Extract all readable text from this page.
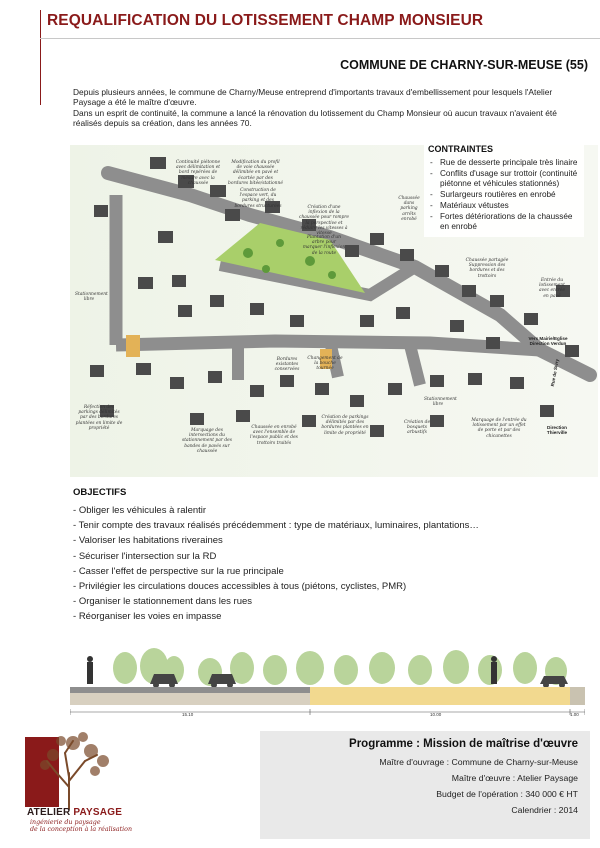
REQUALIFICATION DU LOTISSEMENT CHAMP MONSIEUR
COMMUNE DE CHARNY-SUR-MEUSE (55)

Depuis plusieurs années, le commune de Charny/Meuse entreprend d'importants travaux d'embellissement pour lesquels l'Atelier Paysage a été le maître d'œuvre.

Dans un esprit de continuité, la commune a lancé la rénovation du lotissement du Champ Monsieur où aucun travaux n'avaient été réalisés depuis sa création, dans les années 70.

Continuité piétonne avec délimitation et bord repérées de mesure avec la chaussée
Modification du profil de voie chaussée délimitée en pavé et écartée par des bordures bitée/stationné
Construction de l'espace vert, du parking et des bordures structurées	Création d'une inflexion de la chaussée pour rompre la perspective et réduire les vitesses à vitesse
Plantation d'un arbre pour marquer l'inflexion de la route
Chaussée dans parking arrêts enrobé
Chaussée partagée Suppression des bordures et des trottoirs
Stationnement libre
Bordures existantes conservées
Changement de la bouche tournée
Entrée du lotissement avec entrée en pavé
Réfection des parkings délimités par des bordures plantées en limite de propriété	Marquage des intersections du stationnement par des bandes de pavés sur chaussée
Chaussée en enrobé avec l'ensemble de l'espace public et des trottoirs traités
Création de parkings délimités par des bordures plantées en limite de propriété
Création de bosquets arbustifs
Stationnement libre
Marquage de l'entrée du lotissement par un effet de porte et par des chicanettes
Vers Mairie/Eglise Direction Verdun
Rue de Sivry
Direction Thierville
CONTRAINTES
- Rue de desserte principale très linaire
- Conflits d'usage sur trottoir (continuité piétonne et véhicules stationnés)
- Surlargeurs routières en enrobé
- Matériaux vétustes
- Fortes détériorations de la chaussée en enrobé
OBJECTIFS
- Obliger les véhicules à ralentir
- Tenir compte des travaux réalisés précédemment : type de matériaux, luminaires, plantations…
- Valoriser les habitations riveraines
- Sécuriser l'intersection sur la RD
- Casser l'effet de perspective sur la rue principale
- Privilégier les circulations douces accessibles à tous (piétons, cyclistes, PMR)
- Organiser le stationnement dans les rues
- Réorganiser les voies en impasse
15.10	10.00	1.00
ATELIER PAYSAGE
ingénierie du paysage
de la conception à la réalisation
Programme : Mission de maîtrise d'œuvre
Maître d'ouvrage : Commune de Charny-sur-Meuse
Maître d'œuvre : Atelier Paysage
Budget de l'opération : 340 000 € HT
Calendrier : 2014
